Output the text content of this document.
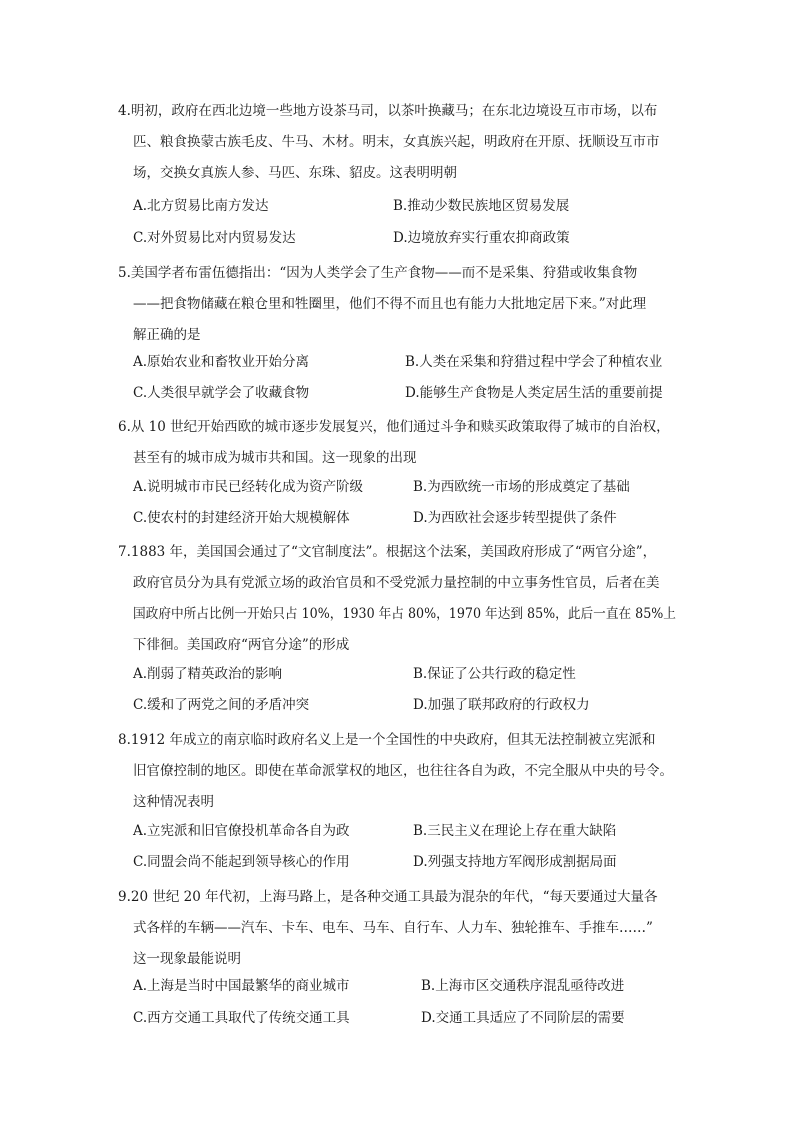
4.明初，政府在西北边境一些地方设茶马司，以茶叶换藏马；在东北边境设互市市场，以布
匹、粮食换蒙古族毛皮、牛马、木材。明末，女真族兴起，明政府在开原、抚顺设互市市
场，交换女真族人参、马匹、东珠、貂皮。这表明明朝
A.北方贸易比南方发达	B.推动少数民族地区贸易发展
C.对外贸易比对内贸易发达	D.边境放弃实行重农抑商政策
5.美国学者布雷伍德指出：“因为人类学会了生产食物——而不是采集、狩猎或收集食物
——把食物储藏在粮仓里和牲圈里，他们不得不而且也有能力大批地定居下来。”对此理
解正确的是
A.原始农业和畜牧业开始分离	B.人类在采集和狩猎过程中学会了种植农业
C.人类很早就学会了收藏食物	D.能够生产食物是人类定居生活的重要前提
6.从 10 世纪开始西欧的城市逐步发展复兴，他们通过斗争和赎买政策取得了城市的自治权，
甚至有的城市成为城市共和国。这一现象的出现
A.说明城市市民已经转化成为资产阶级	B.为西欧统一市场的形成奠定了基础
C.使农村的封建经济开始大规模解体	D.为西欧社会逐步转型提供了条件
7.1883 年，美国国会通过了“文官制度法”。根据这个法案，美国政府形成了“两官分途”，
政府官员分为具有党派立场的政治官员和不受党派力量控制的中立事务性官员，后者在美
国政府中所占比例一开始只占 10%，1930 年占 80%，1970 年达到 85%，此后一直在 85%上
下徘徊。美国政府“两官分途”的形成
A.削弱了精英政治的影响	B.保证了公共行政的稳定性
C.缓和了两党之间的矛盾冲突	D.加强了联邦政府的行政权力
8.1912 年成立的南京临时政府名义上是一个全国性的中央政府，但其无法控制被立宪派和
旧官僚控制的地区。即使在革命派掌权的地区，也往往各自为政，不完全服从中央的号令。
这种情况表明
A.立宪派和旧官僚投机革命各自为政	B.三民主义在理论上存在重大缺陷
C.同盟会尚不能起到领导核心的作用	D.列强支持地方军阀形成割据局面
9.20 世纪 20 年代初，上海马路上，是各种交通工具最为混杂的年代，“每天要通过大量各
式各样的车辆——汽车、卡车、电车、马车、自行车、人力车、独轮推车、手推车……”
这一现象最能说明
A.上海是当时中国最繁华的商业城市	B.上海市区交通秩序混乱亟待改进
C.西方交通工具取代了传统交通工具	D.交通工具适应了不同阶层的需要
